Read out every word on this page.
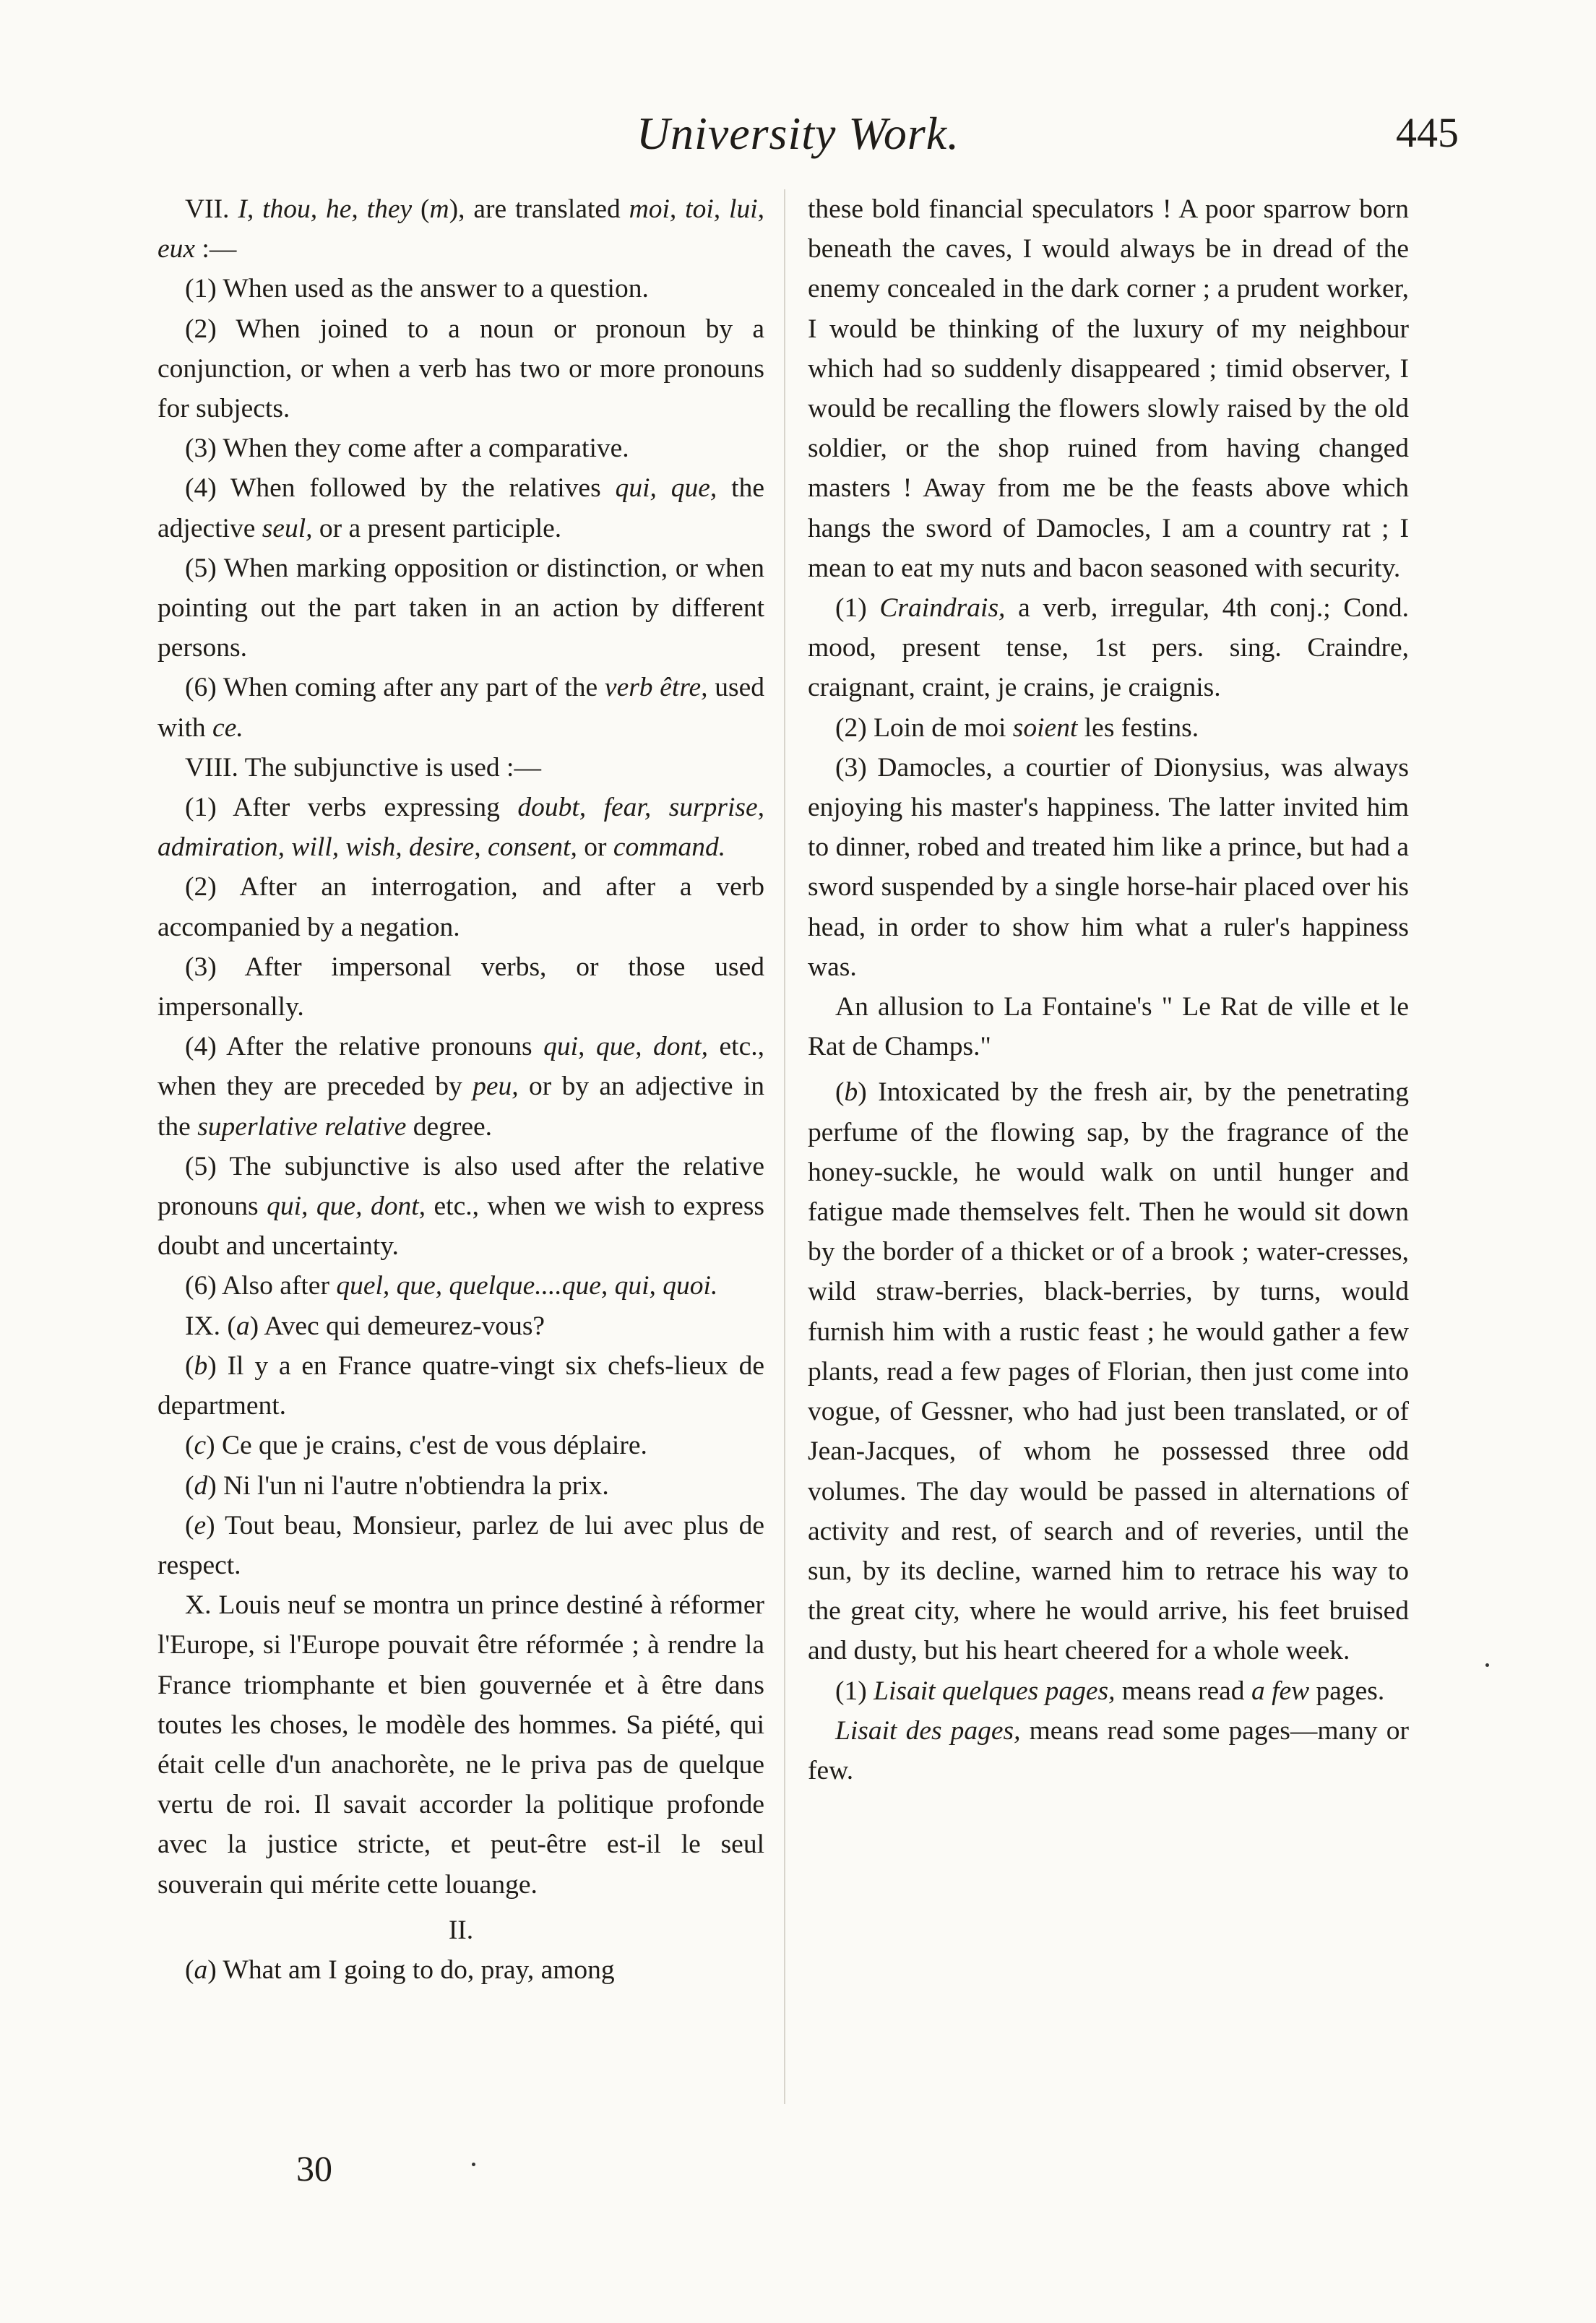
University Work.	445

VII. I, thou, he, they (m), are translated moi, toi, lui, eux :—

(1) When used as the answer to a question.

(2) When joined to a noun or pronoun by a conjunction, or when a verb has two or more pronouns for subjects.

(3) When they come after a comparative.

(4) When followed by the relatives qui, que, the adjective seul, or a present participle.

(5) When marking opposition or distinction, or when pointing out the part taken in an action by different persons.

(6) When coming after any part of the verb être, used with ce.

VIII. The subjunctive is used :—

(1) After verbs expressing doubt, fear, surprise, admiration, will, wish, desire, consent, or command.

(2) After an interrogation, and after a verb accompanied by a negation.

(3) After impersonal verbs, or those used impersonally.

(4) After the relative pronouns qui, que, dont, etc., when they are preceded by peu, or by an adjective in the superlative relative degree.

(5) The subjunctive is also used after the relative pronouns qui, que, dont, etc., when we wish to express doubt and uncertainty.

(6) Also after quel, que, quelque....que, qui, quoi.

IX. (a) Avec qui demeurez-vous?

(b) Il y a en France quatre-vingt six chefs-lieux de department.

(c) Ce que je crains, c'est de vous déplaire.

(d) Ni l'un ni l'autre n'obtiendra la prix.

(e) Tout beau, Monsieur, parlez de lui avec plus de respect.

X. Louis neuf se montra un prince destiné à réformer l'Europe, si l'Europe pouvait être réformée ; à rendre la France triomphante et bien gouvernée et à être dans toutes les choses, le modèle des hommes. Sa piété, qui était celle d'un anachorète, ne le priva pas de quelque vertu de roi. Il savait accorder la politique profonde avec la justice stricte, et peut-être est-il le seul souverain qui mérite cette louange.

II.

(a) What am I going to do, pray, among

these bold financial speculators ! A poor sparrow born beneath the caves, I would always be in dread of the enemy concealed in the dark corner ; a prudent worker, I would be thinking of the luxury of my neighbour which had so suddenly disappeared ; timid observer, I would be recalling the flowers slowly raised by the old soldier, or the shop ruined from having changed masters ! Away from me be the feasts above which hangs the sword of Damocles, I am a country rat ; I mean to eat my nuts and bacon seasoned with security.

(1) Craindrais, a verb, irregular, 4th conj.; Cond. mood, present tense, 1st pers. sing. Craindre, craignant, craint, je crains, je craignis.

(2) Loin de moi soient les festins.

(3) Damocles, a courtier of Dionysius, was always enjoying his master's happiness. The latter invited him to dinner, robed and treated him like a prince, but had a sword suspended by a single horse-hair placed over his head, in order to show him what a ruler's happiness was.

An allusion to La Fontaine's " Le Rat de ville et le Rat de Champs."

(b) Intoxicated by the fresh air, by the penetrating perfume of the flowing sap, by the fragrance of the honey-suckle, he would walk on until hunger and fatigue made themselves felt. Then he would sit down by the border of a thicket or of a brook ; water-cresses, wild straw-berries, black-berries, by turns, would furnish him with a rustic feast ; he would gather a few plants, read a few pages of Florian, then just come into vogue, of Gessner, who had just been translated, or of Jean-Jacques, of whom he possessed three odd volumes. The day would be passed in alternations of activity and rest, of search and of reveries, until the sun, by its decline, warned him to retrace his way to the great city, where he would arrive, his feet bruised and dusty, but his heart cheered for a whole week.

(1) Lisait quelques pages, means read a few pages.

Lisait des pages, means read some pages—many or few.

30
